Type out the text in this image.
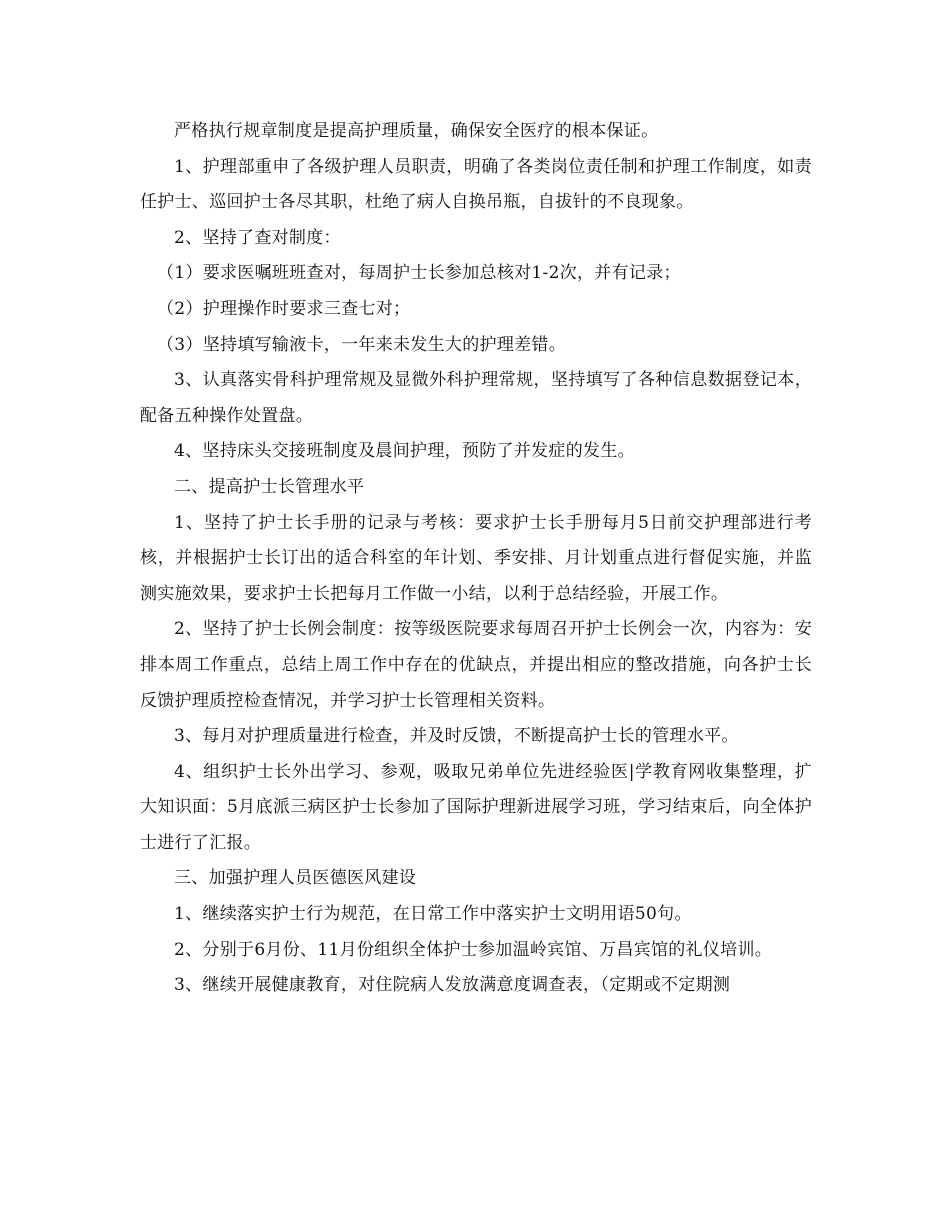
严格执行规章制度是提高护理质量，确保安全医疗的根本保证。

1、护理部重申了各级护理人员职责，明确了各类岗位责任制和护理工作制度，如责任护士、巡回护士各尽其职，杜绝了病人自换吊瓶，自拔针的不良现象。

2、坚持了查对制度：

（1）要求医嘱班班查对，每周护士长参加总核对1-2次，并有记录；

（2）护理操作时要求三查七对；

（3）坚持填写输液卡，一年来未发生大的护理差错。

3、认真落实骨科护理常规及显微外科护理常规，坚持填写了各种信息数据登记本，配备五种操作处置盘。

4、坚持床头交接班制度及晨间护理，预防了并发症的发生。

二、提高护士长管理水平

1、坚持了护士长手册的记录与考核：要求护士长手册每月5日前交护理部进行考核，并根据护士长订出的适合科室的年计划、季安排、月计划重点进行督促实施，并监测实施效果，要求护士长把每月工作做一小结，以利于总结经验，开展工作。

2、坚持了护士长例会制度：按等级医院要求每周召开护士长例会一次，内容为：安排本周工作重点，总结上周工作中存在的优缺点，并提出相应的整改措施，向各护士长反馈护理质控检查情况，并学习护士长管理相关资料。

3、每月对护理质量进行检查，并及时反馈，不断提高护士长的管理水平。

4、组织护士长外出学习、参观，吸取兄弟单位先进经验医|学教育网收集整理，扩大知识面：5月底派三病区护士长参加了国际护理新进展学习班，学习结束后，向全体护士进行了汇报。

三、加强护理人员医德医风建设

1、继续落实护士行为规范，在日常工作中落实护士文明用语50句。

2、分别于6月份、11月份组织全体护士参加温岭宾馆、万昌宾馆的礼仪培训。

3、继续开展健康教育，对住院病人发放满意度调查表，（定期或不定期测
